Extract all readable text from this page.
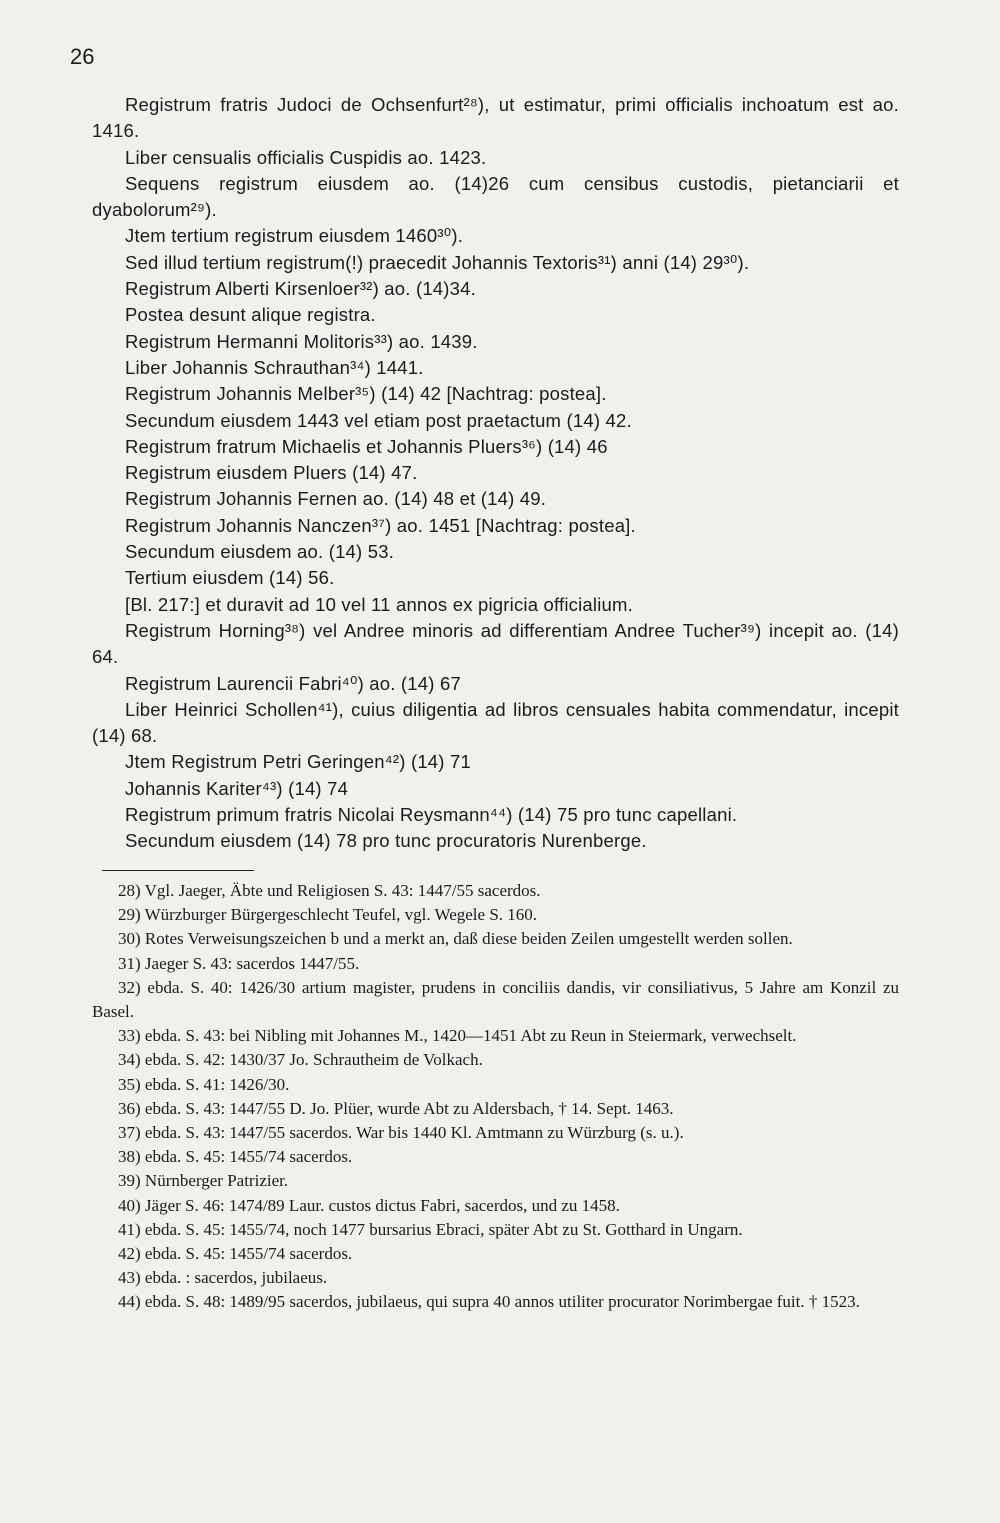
26

Registrum fratris Judoci de Ochsenfurt²⁸), ut estimatur, primi officialis inchoatum est ao. 1416.

Liber censualis officialis Cuspidis ao. 1423.

Sequens registrum eiusdem ao. (14)26 cum censibus custodis, pietanciarii et dyabolorum²⁹).

Jtem tertium registrum eiusdem 1460³⁰).

Sed illud tertium registrum(!) praecedit Johannis Textoris³¹) anni (14) 29³⁰).

Registrum Alberti Kirsenloer³²) ao. (14)34.

Postea desunt alique registra.

Registrum Hermanni Molitoris³³) ao. 1439.

Liber Johannis Schrauthan³⁴) 1441.

Registrum Johannis Melber³⁵) (14) 42 [Nachtrag: postea].

Secundum eiusdem 1443 vel etiam post praetactum (14) 42.

Registrum fratrum Michaelis et Johannis Pluers³⁶) (14) 46

Registrum eiusdem Pluers (14) 47.

Registrum Johannis Fernen ao. (14) 48 et (14) 49.

Registrum Johannis Nanczen³⁷) ao. 1451 [Nachtrag: postea].

Secundum eiusdem ao. (14) 53.

Tertium eiusdem (14) 56.

[Bl. 217:] et duravit ad 10 vel 11 annos ex pigricia officialium.

Registrum Horning³⁸) vel Andree minoris ad differentiam Andree Tucher³⁹) incepit ao. (14) 64.

Registrum Laurencii Fabri⁴⁰) ao. (14) 67

Liber Heinrici Schollen⁴¹), cuius diligentia ad libros censuales habita commendatur, incepit (14) 68.

Jtem Registrum Petri Geringen⁴²) (14) 71

Johannis Kariter⁴³) (14) 74

Registrum primum fratris Nicolai Reysmann⁴⁴) (14) 75 pro tunc capellani.

Secundum eiusdem (14) 78 pro tunc procuratoris Nurenberge.

28) Vgl. Jaeger, Äbte und Religiosen S. 43: 1447/55 sacerdos.

29) Würzburger Bürgergeschlecht Teufel, vgl. Wegele S. 160.

30) Rotes Verweisungszeichen b und a merkt an, daß diese beiden Zeilen umgestellt werden sollen.

31) Jaeger S. 43: sacerdos 1447/55.

32) ebda. S. 40: 1426/30 artium magister, prudens in conciliis dandis, vir consiliativus, 5 Jahre am Konzil zu Basel.

33) ebda. S. 43: bei Nibling mit Johannes M., 1420—1451 Abt zu Reun in Steiermark, verwechselt.

34) ebda. S. 42: 1430/37 Jo. Schrautheim de Volkach.

35) ebda. S. 41: 1426/30.

36) ebda. S. 43: 1447/55 D. Jo. Plüer, wurde Abt zu Aldersbach, † 14. Sept. 1463.

37) ebda. S. 43: 1447/55 sacerdos. War bis 1440 Kl. Amtmann zu Würzburg (s. u.).

38) ebda. S. 45: 1455/74 sacerdos.

39) Nürnberger Patrizier.

40) Jäger S. 46: 1474/89 Laur. custos dictus Fabri, sacerdos, und zu 1458.

41) ebda. S. 45: 1455/74, noch 1477 bursarius Ebraci, später Abt zu St. Gotthard in Ungarn.

42) ebda. S. 45: 1455/74 sacerdos.

43) ebda. : sacerdos, jubilaeus.

44) ebda. S. 48: 1489/95 sacerdos, jubilaeus, qui supra 40 annos utiliter procurator Norimbergae fuit. † 1523.
